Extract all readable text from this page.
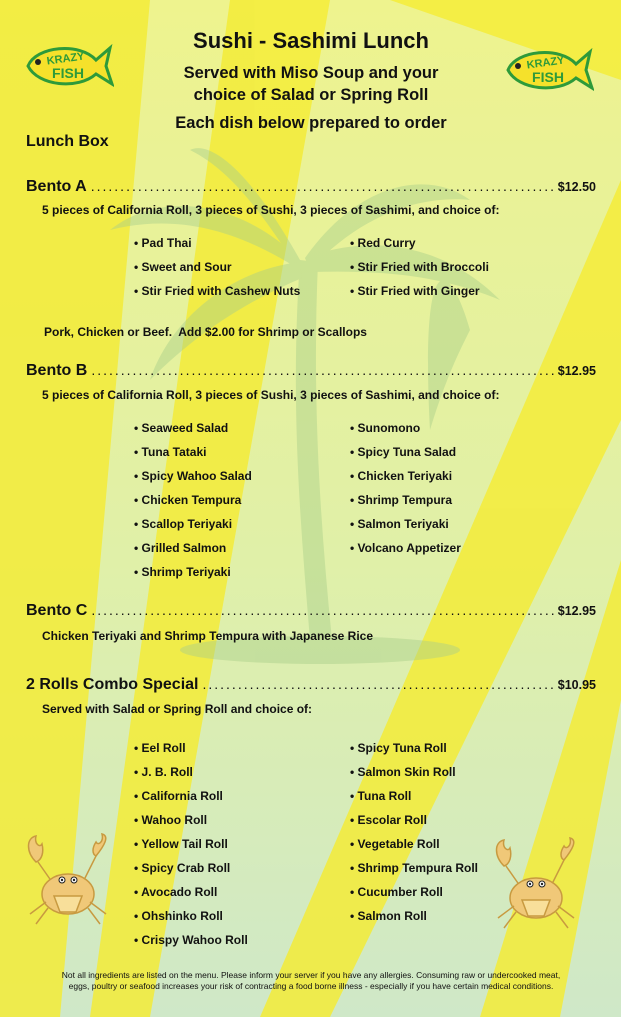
KRAZY
FISH
KRAZY
FISH
Sushi - Sashimi Lunch
Served with Miso Soup and your
choice of Salad or Spring Roll
Each dish below prepared to order
Lunch Box
Bento A .....	$12.50
5 pieces of California Roll, 3 pieces of Sushi, 3 pieces of Sashimi, and choice of:
• Pad Thai
• Sweet and Sour
• Stir Fried with Cashew Nuts
• Red Curry
• Stir Fried with Broccoli
• Stir Fried with Ginger
Pork, Chicken or Beef.  Add $2.00 for Shrimp or Scallops
Bento B .....	$12.95
5 pieces of California Roll, 3 pieces of Sushi, 3 pieces of Sashimi, and choice of:
• Seaweed Salad
• Tuna Tataki
• Spicy Wahoo Salad
• Chicken Tempura
• Scallop Teriyaki
• Grilled Salmon
• Shrimp Teriyaki
• Sunomono
• Spicy Tuna Salad
• Chicken Teriyaki
• Shrimp Tempura
• Salmon Teriyaki
• Volcano Appetizer
Bento C .....	$12.95
Chicken Teriyaki and Shrimp Tempura with Japanese Rice
2 Rolls Combo Special .....	$10.95
Served with Salad or Spring Roll and choice of:
• Eel Roll
• J. B. Roll
• California Roll
• Wahoo Roll
• Yellow Tail Roll
• Spicy Crab Roll
• Avocado Roll
• Ohshinko Roll
• Crispy Wahoo Roll
• Spicy Tuna Roll
• Salmon Skin Roll
• Tuna Roll
• Escolar Roll
• Vegetable Roll
• Shrimp Tempura Roll
• Cucumber Roll
• Salmon Roll
Not all ingredients are listed on the menu. Please inform your server if you have any allergies. Consuming raw or undercooked meat,
eggs, poultry or seafood increases your risk of contracting a food borne illness - especially if you have certain medical conditions.
